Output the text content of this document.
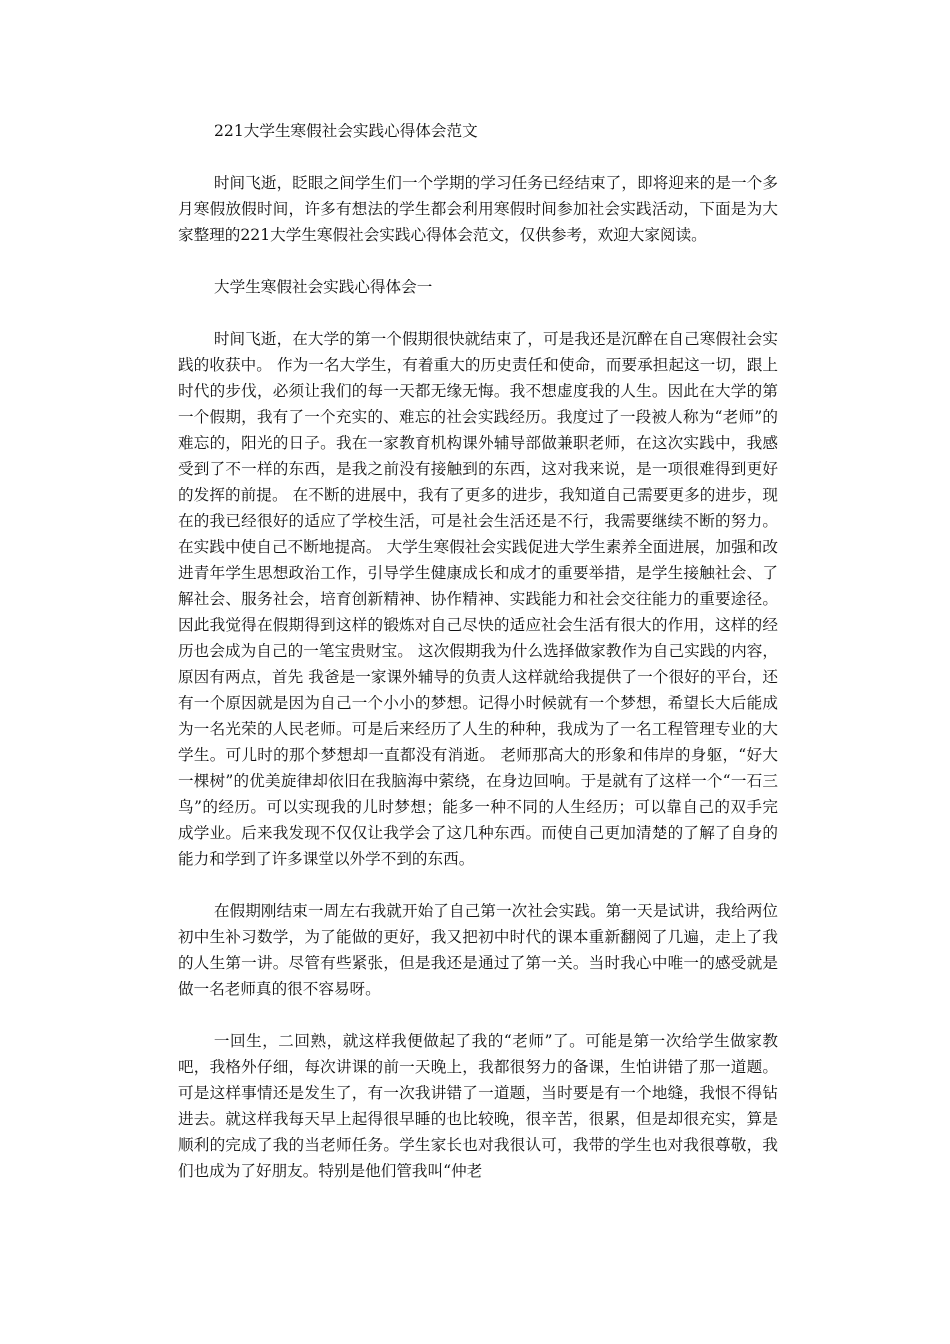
221大学生寒假社会实践心得体会范文

时间飞逝，眨眼之间学生们一个学期的学习任务已经结束了，即将迎来的是一个多月寒假放假时间，许多有想法的学生都会利用寒假时间参加社会实践活动，下面是为大家整理的221大学生寒假社会实践心得体会范文，仅供参考，欢迎大家阅读。

大学生寒假社会实践心得体会一

时间飞逝，在大学的第一个假期很快就结束了，可是我还是沉醉在自己寒假社会实践的收获中。 作为一名大学生，有着重大的历史责任和使命，而要承担起这一切，跟上时代的步伐，必须让我们的每一天都无缘无悔。我不想虚度我的人生。因此在大学的第一个假期，我有了一个充实的、难忘的社会实践经历。我度过了一段被人称为“老师”的难忘的，阳光的日子。我在一家教育机构课外辅导部做兼职老师，在这次实践中，我感受到了不一样的东西，是我之前没有接触到的东西，这对我来说，是一项很难得到更好的发挥的前提。 在不断的进展中，我有了更多的进步，我知道自己需要更多的进步，现在的我已经很好的适应了学校生活，可是社会生活还是不行，我需要继续不断的努力。在实践中使自己不断地提高。 大学生寒假社会实践促进大学生素养全面进展，加强和改进青年学生思想政治工作，引导学生健康成长和成才的重要举措，是学生接触社会、了解社会、服务社会，培育创新精神、协作精神、实践能力和社会交往能力的重要途径。因此我觉得在假期得到这样的锻炼对自己尽快的适应社会生活有很大的作用，这样的经历也会成为自己的一笔宝贵财宝。 这次假期我为什么选择做家教作为自己实践的内容，原因有两点，首先 我爸是一家课外辅导的负责人这样就给我提供了一个很好的平台，还有一个原因就是因为自己一个小小的梦想。记得小时候就有一个梦想，希望长大后能成为一名光荣的人民老师。可是后来经历了人生的种种，我成为了一名工程管理专业的大学生。可儿时的那个梦想却一直都没有消逝。 老师那高大的形象和伟岸的身躯，“好大一棵树”的优美旋律却依旧在我脑海中萦绕，在身边回响。于是就有了这样一个“一石三鸟”的经历。可以实现我的儿时梦想；能多一种不同的人生经历；可以靠自己的双手完成学业。后来我发现不仅仅让我学会了这几种东西。而使自己更加清楚的了解了自身的能力和学到了许多课堂以外学不到的东西。

在假期刚结束一周左右我就开始了自己第一次社会实践。第一天是试讲，我给两位初中生补习数学，为了能做的更好，我又把初中时代的课本重新翻阅了几遍，走上了我的人生第一讲。尽管有些紧张，但是我还是通过了第一关。当时我心中唯一的感受就是做一名老师真的很不容易呀。

一回生，二回熟，就这样我便做起了我的“老师”了。可能是第一次给学生做家教吧，我格外仔细，每次讲课的前一天晚上，我都很努力的备课，生怕讲错了那一道题。可是这样事情还是发生了，有一次我讲错了一道题，当时要是有一个地缝，我恨不得钻进去。就这样我每天早上起得很早睡的也比较晚，很辛苦，很累，但是却很充实，算是顺利的完成了我的当老师任务。学生家长也对我很认可，我带的学生也对我很尊敬，我们也成为了好朋友。特别是他们管我叫“仲老
